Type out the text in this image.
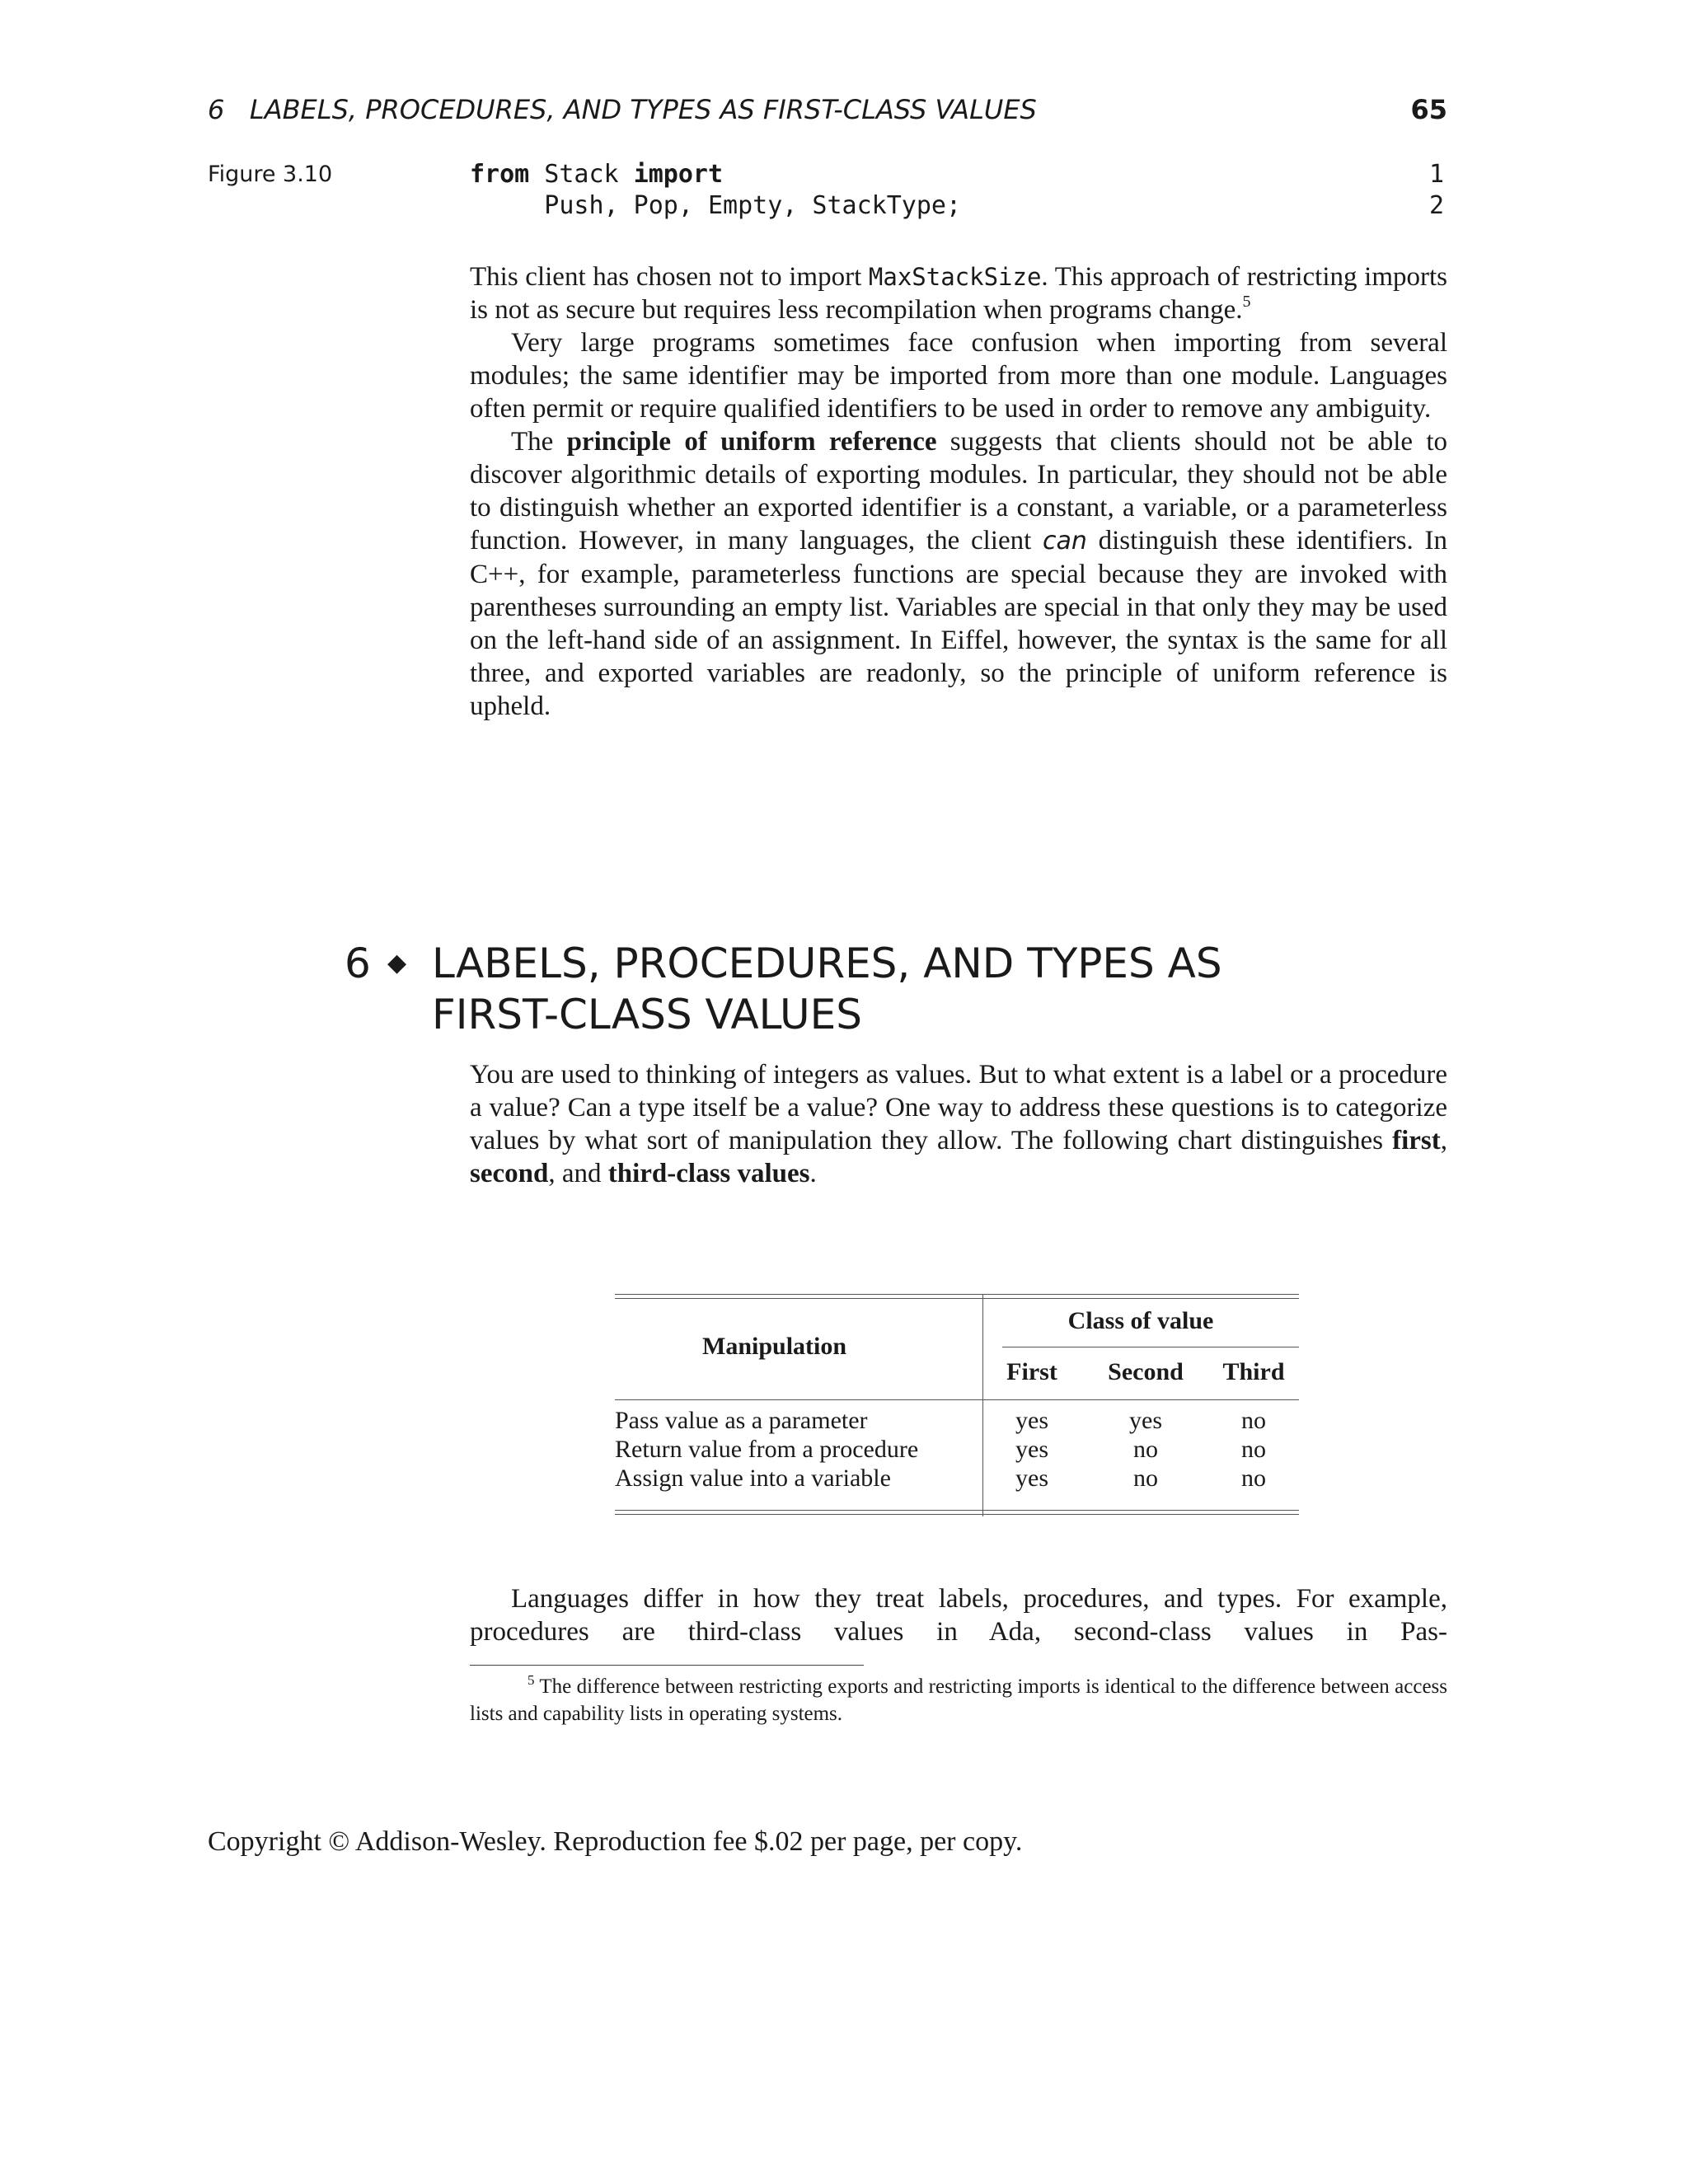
6   LABELS, PROCEDURES, AND TYPES AS FIRST-CLASS VALUES	65
Figure 3.10	from Stack import	1
Push, Pop, Empty, StackType;	2

This client has chosen not to import MaxStackSize. This approach of restricting imports is not as secure but requires less recompilation when programs change.$^5$

Very large programs sometimes face confusion when importing from several modules; the same identifier may be imported from more than one module. Languages often permit or require qualified identifiers to be used in order to remove any ambiguity.

The principle of uniform reference suggests that clients should not be able to discover algorithmic details of exporting modules. In particular, they should not be able to distinguish whether an exported identifier is a constant, a variable, or a parameterless function. However, in many languages, the client can distinguish these identifiers. In C++, for example, parameterless functions are special because they are invoked with parentheses surrounding an empty list. Variables are special in that only they may be used on the left-hand side of an assignment. In Eiffel, however, the syntax is the same for all three, and exported variables are readonly, so the principle of uniform reference is upheld.

6 ◆ LABELS, PROCEDURES, AND TYPES AS
FIRST-CLASS VALUES

You are used to thinking of integers as values. But to what extent is a label or a procedure a value? Can a type itself be a value? One way to address these questions is to categorize values by what sort of manipulation they allow. The following chart distinguishes first, second, and third-class values.

Manipulation
Class of value
First	Second	Third
Pass value as a parameter	yes	yes	no
Return value from a procedure	yes	no	no
Assign value into a variable	yes	no	no

Languages differ in how they treat labels, procedures, and types. For example, procedures are third-class values in Ada, second-class values in Pas-

$^5$ The difference between restricting exports and restricting imports is identical to the difference between access lists and capability lists in operating systems.
Copyright © Addison-Wesley. Reproduction fee $.02 per page, per copy.
